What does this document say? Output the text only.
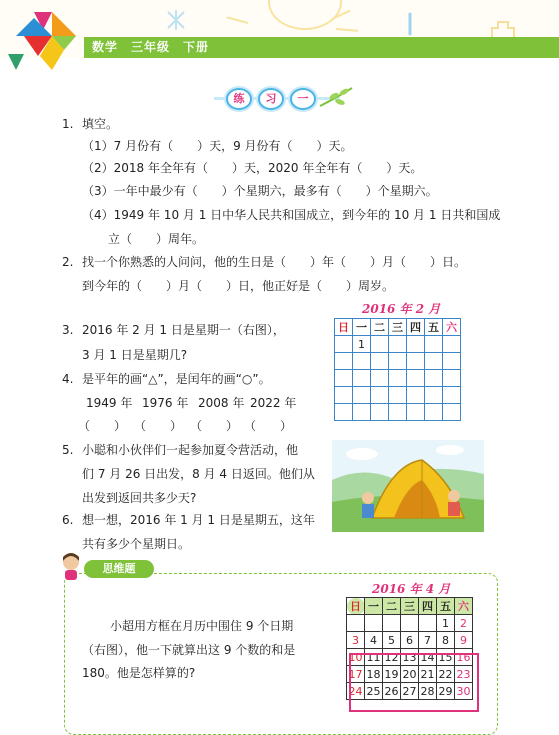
数学　三年级　下册
练	习	一
1. 填空。
（1）7 月份有（　　）天，9 月份有（　　）天。
（2）2018 年全年有（　　）天，2020 年全年有（　　）天。
（3）一年中最少有（　　）个星期六，最多有（　　）个星期六。
（4）1949 年 10 月 1 日中华人民共和国成立，到今年的 10 月 1 日共和国成
立（　　）周年。
2. 找一个你熟悉的人问问，他的生日是（　　）年（　　）月（　　）日。
到今年的（　　）月（　　）日，他正好是（　　）周岁。
3. 2016 年 2 月 1 日是星期一（右图），
3 月 1 日是星期几?
2016 年 2 月
日	一	二	三	四	五	六
	1					

4. 是平年的画“△”，是闰年的画“○”。
1949 年 1976 年 2008 年 2022 年
（　　） （　　） （　　） （　　）
5. 小聪和小伙伴们一起参加夏令营活动，他
们 7 月 26 日出发，8 月 4 日返回。他们从
出发到返回共多少天?
6. 想一想，2016 年 1 月 1 日是星期五，这年
共有多少个星期日。
思维题
小超用方框在月历中围住 9 个日期
（右图），他一下就算出这 9 个数的和是
180。他是怎样算的?
2016 年 4 月
日	一	二	三	四	五	六
					1	2
3	4	5	6	7	8	9
10	11	12	13	14	15	16
17	18	19	20	21	22	23
24	25	26	27	28	29	30
